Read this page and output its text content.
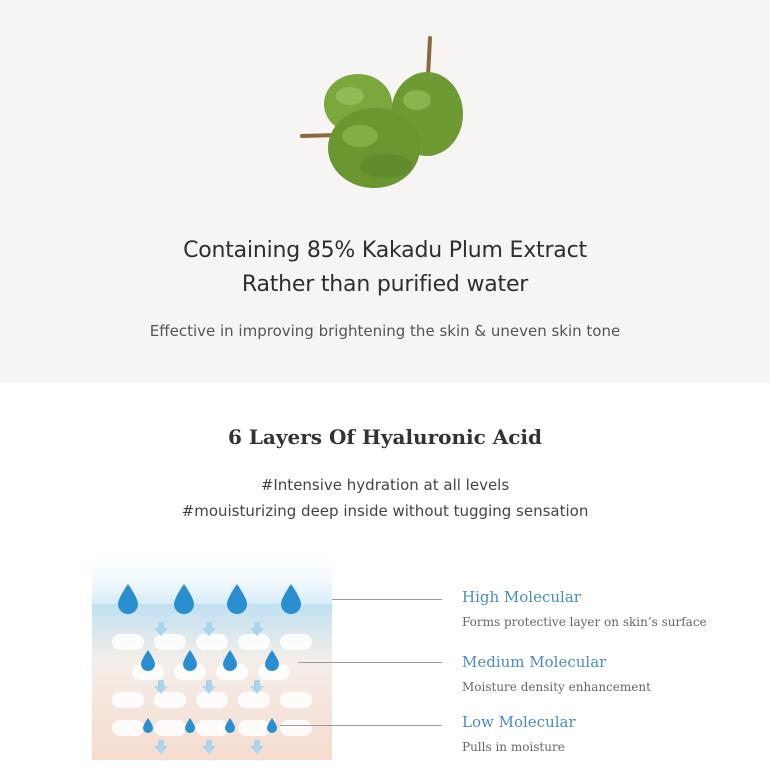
Containing 85% Kakadu Plum Extract
Rather than purified water
Effective in improving brightening the skin & uneven skin tone
6 Layers Of Hyaluronic Acid
#Intensive hydration at all levels
#mouisturizing deep inside without tugging sensation
High Molecular
Forms protective layer on skin’s surface
Medium Molecular
Moisture density enhancement
Low Molecular
Pulls in moisture
